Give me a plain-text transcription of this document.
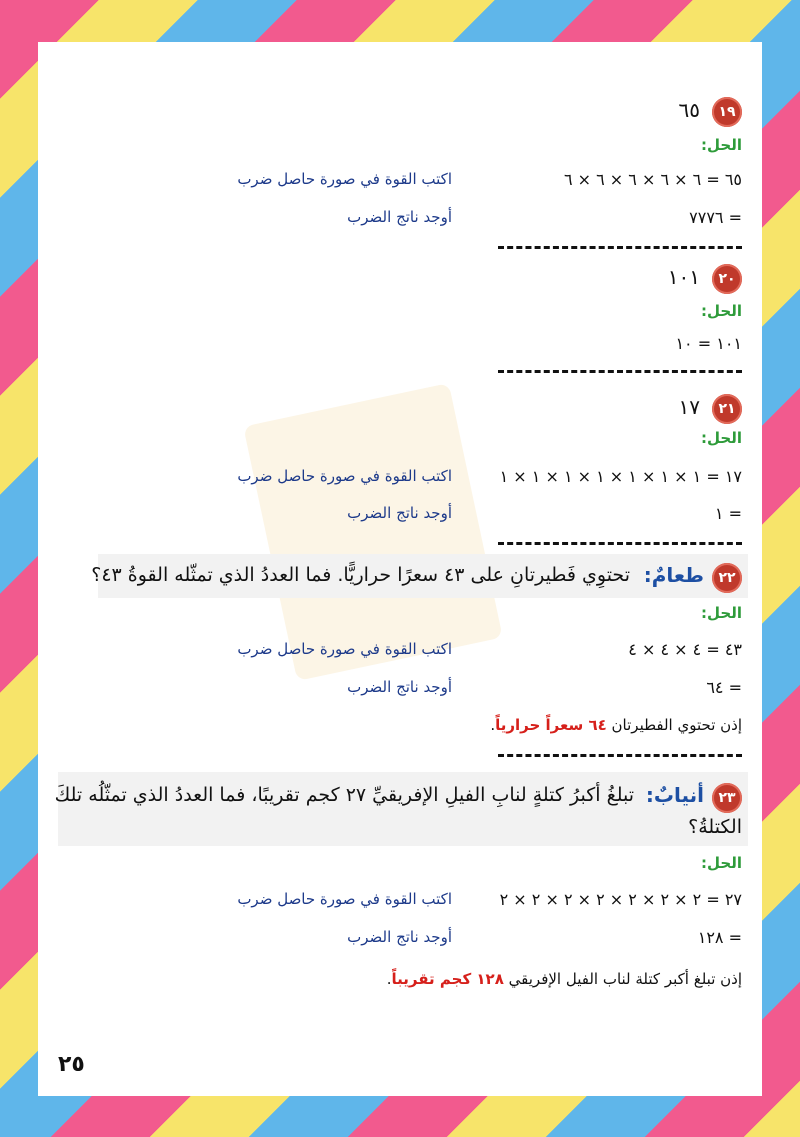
١٩
٦٥
الحل:
٦٥ = ٦ × ٦ × ٦ × ٦ × ٦
اكتب القوة في صورة حاصل ضرب
= ٧٧٧٦
أوجد ناتج الضرب
٢٠
١٠١
الحل:
١٠١ = ١٠
٢١
١٧
الحل:
١٧ = ١ × ١ × ١ × ١ × ١ × ١ × ١
اكتب القوة في صورة حاصل ضرب
= ١
أوجد ناتج الضرب
٢٢
طعامٌ:
تحتوِي فَطيرتانِ على ٤٣ سعرًا حراريًّا. فما العددُ الذي تمثّله القوةُ ٤٣؟
الحل:
٤٣ = ٤ × ٤ × ٤
اكتب القوة في صورة حاصل ضرب
= ٦٤
أوجد ناتج الضرب
إذن تحتوي الفطيرتان ٦٤ سعراً حرارياً.
٢٣
أنيابٌ:
تبلغُ أكبرُ كتلةٍ لنابِ الفيلِ الإفريقيِّ ٢٧ كجم تقريبًا، فما العددُ الذي تمثّلُه تلكَ
الكتلةُ؟
الحل:
٢٧ = ٢ × ٢ × ٢ × ٢ × ٢ × ٢ × ٢
اكتب القوة في صورة حاصل ضرب
= ١٢٨
أوجد ناتج الضرب
إذن تبلغ أكبر كتلة لناب الفيل الإفريقي ١٢٨ كجم تقريباً.
٢٥
